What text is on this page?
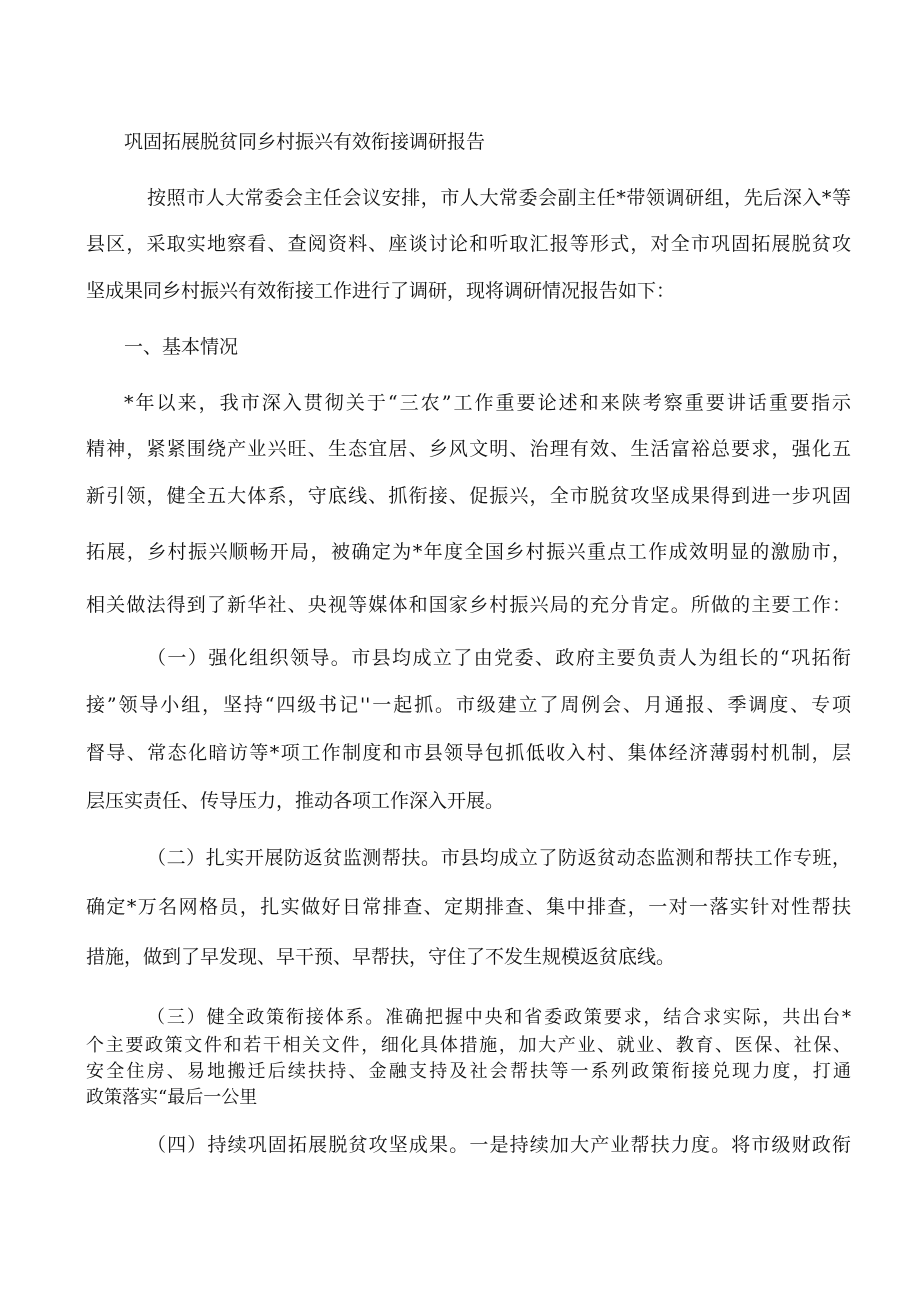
巩固拓展脱贫同乡村振兴有效衔接调研报告
按照市人大常委会主任会议安排，市人大常委会副主任*带领调研组，先后深入*等
县区，采取实地察看、查阅资料、座谈讨论和听取汇报等形式，对全市巩固拓展脱贫攻
坚成果同乡村振兴有效衔接工作进行了调研，现将调研情况报告如下：
一、基本情况
*年以来，我市深入贯彻关于“三农”工作重要论述和来陕考察重要讲话重要指示
精神，紧紧围绕产业兴旺、生态宜居、乡风文明、治理有效、生活富裕总要求，强化五
新引领，健全五大体系，守底线、抓衔接、促振兴，全市脱贫攻坚成果得到进一步巩固
拓展，乡村振兴顺畅开局，被确定为*年度全国乡村振兴重点工作成效明显的激励市，
相关做法得到了新华社、央视等媒体和国家乡村振兴局的充分肯定。所做的主要工作：
（一）强化组织领导。市县均成立了由党委、政府主要负责人为组长的“巩拓衔
接”领导小组，坚持“四级书记''一起抓。市级建立了周例会、月通报、季调度、专项
督导、常态化暗访等*项工作制度和市县领导包抓低收入村、集体经济薄弱村机制，层
层压实责任、传导压力，推动各项工作深入开展。
（二）扎实开展防返贫监测帮扶。市县均成立了防返贫动态监测和帮扶工作专班，
确定*万名网格员，扎实做好日常排查、定期排查、集中排查，一对一落实针对性帮扶
措施，做到了早发现、早干预、早帮扶，守住了不发生规模返贫底线。
（三）健全政策衔接体系。准确把握中央和省委政策要求，结合求实际，共出台*
个主要政策文件和若干相关文件，细化具体措施，加大产业、就业、教育、医保、社保、
安全住房、易地搬迁后续扶持、金融支持及社会帮扶等一系列政策衔接兑现力度，打通
政策落实“最后一公里
（四）持续巩固拓展脱贫攻坚成果。一是持续加大产业帮扶力度。将市级财政衔
